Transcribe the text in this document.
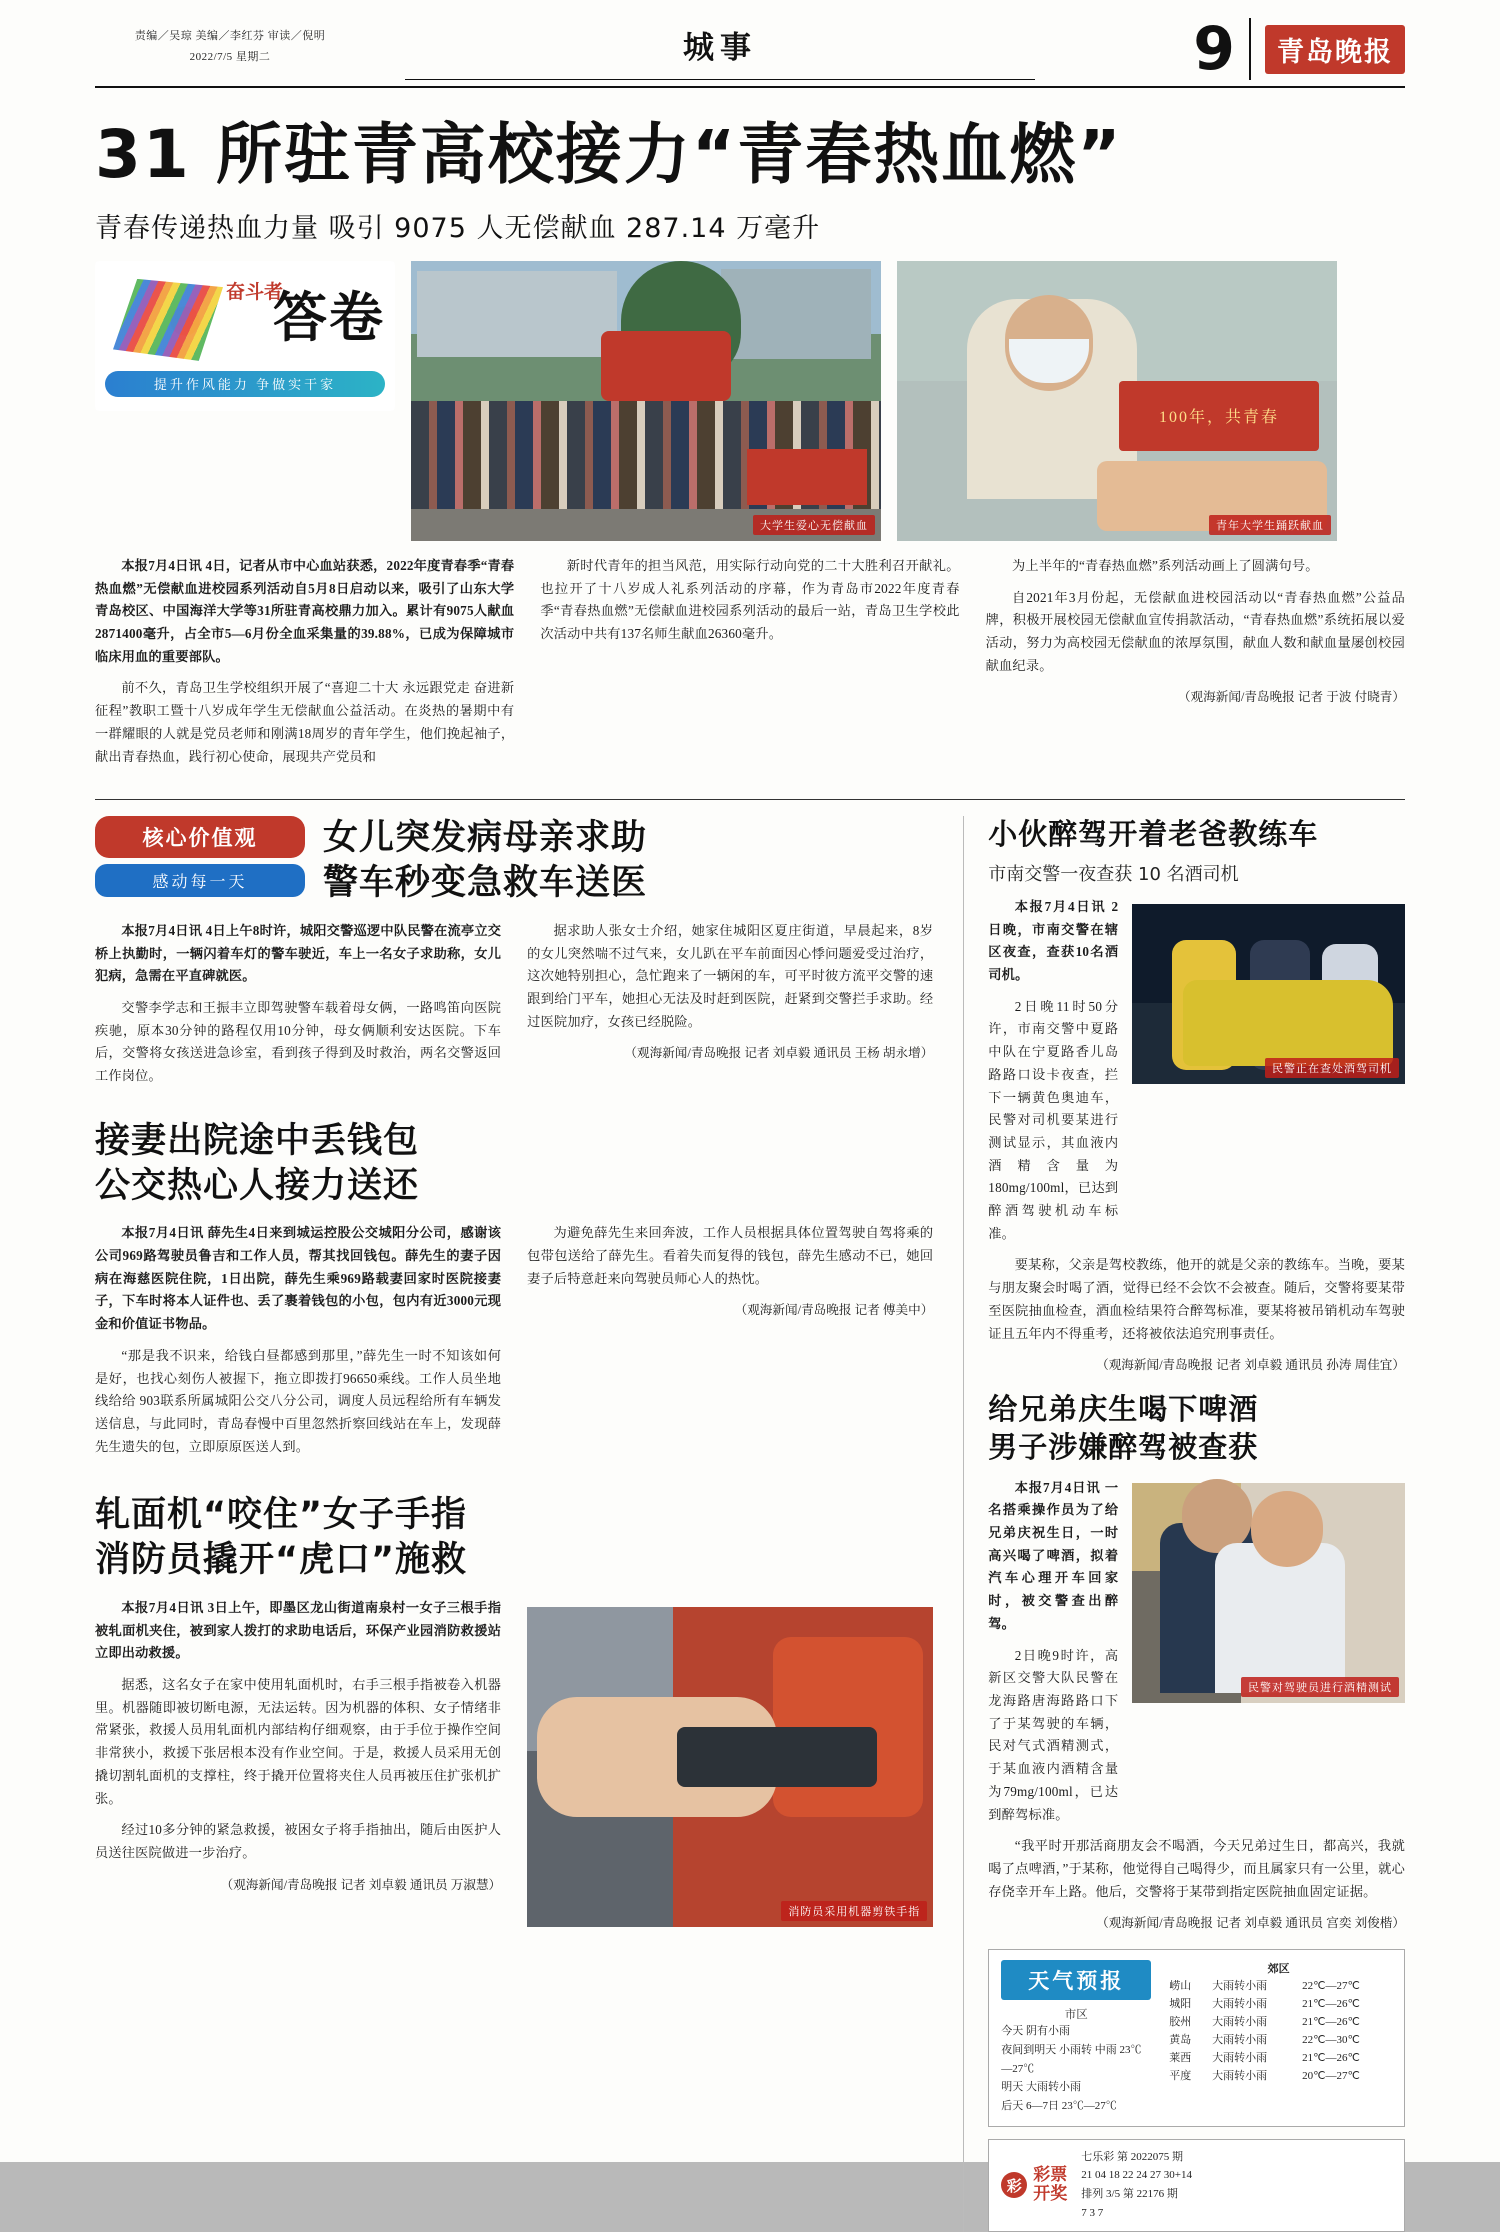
责编／吴琼 美编／李红芬 审读／倪明
2022/7/5 星期二	城事	9	青岛晚报
31 所驻青高校接力“青春热血燃”
青春传递热血力量 吸引 9075 人无偿献血 287.14 万毫升
奋斗者
答卷
提升作风能力 争做实干家
大学生爱心无偿献血
100年，共青春
青年大学生踊跃献血

本报7月4日讯 4日，记者从市中心血站获悉，2022年度青春季“青春热血燃”无偿献血进校园系列活动自5月8日启动以来，吸引了山东大学青岛校区、中国海洋大学等31所驻青高校鼎力加入。累计有9075人献血2871400毫升，占全市5—6月份全血采集量的39.88%，已成为保障城市临床用血的重要部队。

前不久，青岛卫生学校组织开展了“喜迎二十大 永远跟党走 奋进新征程”教职工暨十八岁成年学生无偿献血公益活动。在炎热的暑期中有一群耀眼的人就是党员老师和刚满18周岁的青年学生，他们挽起袖子，献出青春热血，践行初心使命，展现共产党员和

新时代青年的担当风范，用实际行动向党的二十大胜利召开献礼。也拉开了十八岁成人礼系列活动的序幕，作为青岛市2022年度青春季“青春热血燃”无偿献血进校园系列活动的最后一站，青岛卫生学校此次活动中共有137名师生献血26360毫升。

为上半年的“青春热血燃”系列活动画上了圆满句号。

自2021年3月份起，无偿献血进校园活动以“青春热血燃”公益品牌，积极开展校园无偿献血宣传捐款活动，“青春热血燃”系统拓展以爱活动，努力为高校园无偿献血的浓厚氛围，献血人数和献血量屡创校园献血纪录。

（观海新闻/青岛晚报 记者 于波 付晓青）
核心价值观
感动每一天
女儿突发病母亲求助
警车秒变急救车送医

本报7月4日讯 4日上午8时许，城阳交警巡逻中队民警在流亭立交桥上执勤时，一辆闪着车灯的警车驶近，车上一名女子求助称，女儿犯病，急需在平直碑就医。

交警李学志和王振丰立即驾驶警车载着母女俩，一路鸣笛向医院疾驰，原本30分钟的路程仅用10分钟，母女俩顺利安达医院。下车后，交警将女孩送进急诊室，看到孩子得到及时救治，两名交警返回工作岗位。

据求助人张女士介绍，她家住城阳区夏庄街道，早晨起来，8岁的女儿突然喘不过气来，女儿趴在平车前面因心悸问题爱受过治疗，这次她特别担心，急忙跑来了一辆闲的车，可平时彼方流平交警的速跟到给门平车，她担心无法及时赶到医院，赶紧到交警拦手求助。经过医院加疗，女孩已经脱险。

（观海新闻/青岛晚报 记者 刘卓毅 通讯员 王杨 胡永增）
接妻出院途中丢钱包
公交热心人接力送还

本报7月4日讯 薛先生4日来到城运控股公交城阳分公司，感谢该公司969路驾驶员鲁吉和工作人员，帮其找回钱包。薛先生的妻子因病在海慈医院住院，1日出院，薛先生乘969路载妻回家时医院接妻子，下车时将本人证件也、丢了裹着钱包的小包，包内有近3000元现金和价值证书物品。

“那是我不识来，给钱白昼都感到那里，”薛先生一时不知该如何是好，也找心刻伤人被握下，拖立即拨打96650乘线。工作人员坐地线给给 903联系所属城阳公交八分公司，调度人员远程给所有车辆发送信息，与此同时，青岛春慢中百里忽然折察回线站在车上，发现薛先生遗失的包，立即原原医送人到。

为避免薛先生来回奔波，工作人员根据具体位置驾驶自驾将乘的包带包送给了薛先生。看着失而复得的钱包，薛先生感动不已，她回妻子后特意赶来向驾驶员师心人的热忱。

（观海新闻/青岛晚报 记者 傅美中）
轧面机“咬住”女子手指
消防员撬开“虎口”施救

本报7月4日讯 3日上午，即墨区龙山街道南泉村一女子三根手指被轧面机夹住，被到家人拨打的求助电话后，环保产业园消防救援站立即出动救援。

据悉，这名女子在家中使用轧面机时，右手三根手指被卷入机器里。机器随即被切断电源，无法运转。因为机器的体积、女子情绪非常紧张，救援人员用轧面机内部结构仔细观察，由于手位于操作空间非常狭小，救援下张居根本没有作业空间。于是，救援人员采用无创撬切割轧面机的支撑柱，终于撬开位置将夹住人员再被压住扩张机扩张。

经过10多分钟的紧急救援，被困女子将手指抽出，随后由医护人员送往医院做进一步治疗。

（观海新闻/青岛晚报 记者 刘卓毅 通讯员 万淑慧）
消防员采用机器剪铁手指
小伙醉驾开着老爸教练车
市南交警一夜查获 10 名酒司机

本报7月4日讯 2日晚，市南交警在辖区夜查，查获10名酒司机。

2日晚11时50分许，市南交警中夏路中队在宁夏路香儿岛路路口设卡夜查，拦下一辆黄色奥迪车，民警对司机要某进行测试显示，其血液内酒精含量为180mg/100ml，已达到醉酒驾驶机动车标准。

民警正在查处酒驾司机

要某称，父亲是驾校教练，他开的就是父亲的教练车。当晚，要某与朋友聚会时喝了酒，觉得已经不会饮不会被查。随后，交警将要某带至医院抽血检查，酒血检结果符合醉驾标准，要某将被吊销机动车驾驶证且五年内不得重考，还将被依法追究刑事责任。

（观海新闻/青岛晚报 记者 刘卓毅 通讯员 孙涛 周佳宜）
给兄弟庆生喝下啤酒
男子涉嫌醉驾被查获

本报7月4日讯 一名搭乘操作员为了给兄弟庆祝生日，一时高兴喝了啤酒，拟着汽车心理开车回家时，被交警查出醉驾。

2日晚9时许，高新区交警大队民警在龙海路唐海路路口下了于某驾驶的车辆，民对气式酒精测式，于某血液内酒精含量为79mg/100ml，已达到醉驾标准。

民警对驾驶员进行酒精测试

“我平时开那活商朋友会不喝酒，今天兄弟过生日，都高兴，我就喝了点啤酒，”于某称，他觉得自己喝得少，而且属家只有一公里，就心存侥幸开车上路。他后，交警将于某带到指定医院抽血固定证据。

（观海新闻/青岛晚报 记者 刘卓毅 通讯员 宫奕 刘俊楷）
天气预报
市区
今天 阴有小雨
夜间到明天 小雨转 中雨 23℃—27℃
明天 大雨转小雨
后天 6—7日 23℃—27℃
郊区
崂山	大雨转小雨	22℃—27℃
城阳	大雨转小雨	21℃—26℃
胶州	大雨转小雨	21℃—26℃
黄岛	大雨转小雨	22℃—30℃
莱西	大雨转小雨	21℃—26℃
平度	大雨转小雨	20℃—27℃
彩
彩票
开奖
七乐彩 第 2022075 期
21 04 18 22 24 27 30+14
排列 3/5 第 22176 期
7 3 7
